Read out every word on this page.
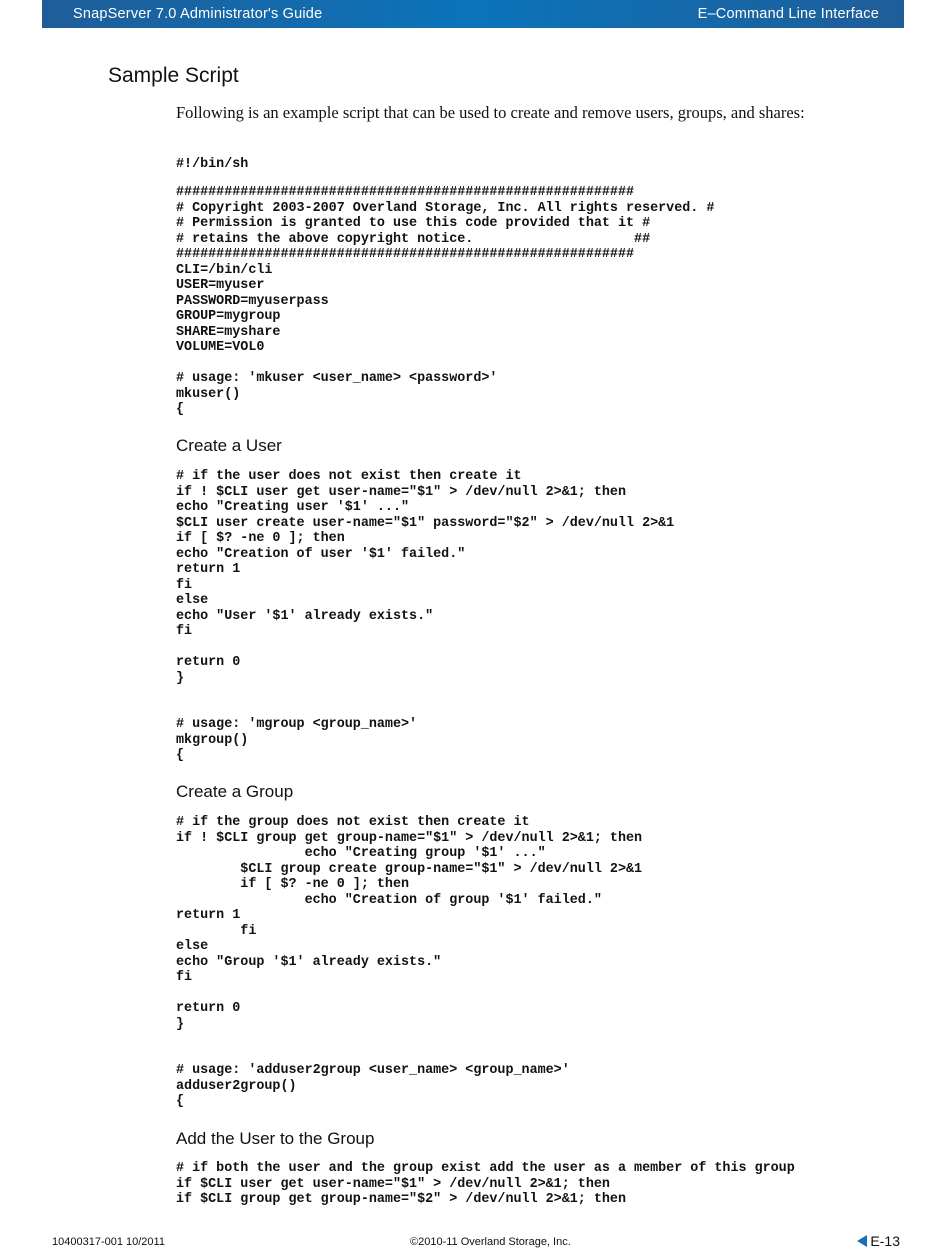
SnapServer 7.0 Administrator's Guide	E–Command Line Interface
Sample Script

Following is an example script that can be used to create and remove users, groups, and shares:

#!/bin/sh
#########################################################
# Copyright 2003-2007 Overland Storage, Inc. All rights reserved. #
# Permission is granted to use this code provided that it #
# retains the above copyright notice.                    ##
#########################################################
CLI=/bin/cli
USER=myuser
PASSWORD=myuserpass
GROUP=mygroup
SHARE=myshare
VOLUME=VOL0

# usage: 'mkuser <user_name> <password>'
mkuser()
{
Create a User
# if the user does not exist then create it
if ! $CLI user get user-name="$1" > /dev/null 2>&1; then
echo "Creating user '$1' ..."
$CLI user create user-name="$1" password="$2" > /dev/null 2>&1
if [ $? -ne 0 ]; then
echo "Creation of user '$1' failed."
return 1
fi
else
echo "User '$1' already exists."
fi

return 0
}

# usage: 'mgroup <group_name>'
mkgroup()
{
Create a Group
# if the group does not exist then create it
if ! $CLI group get group-name="$1" > /dev/null 2>&1; then
echo "Creating group '$1' ..."
$CLI group create group-name="$1" > /dev/null 2>&1
if [ $? -ne 0 ]; then
echo "Creation of group '$1' failed."
return 1
fi
else
echo "Group '$1' already exists."
fi

return 0
}

# usage: 'adduser2group <user_name> <group_name>'
adduser2group()
{
Add the User to the Group
# if both the user and the group exist add the user as a member of this group
if $CLI user get user-name="$1" > /dev/null 2>&1; then
if $CLI group get group-name="$2" > /dev/null 2>&1; then
10400317-001 10/2011	©2010-11 Overland Storage, Inc.	E-13
